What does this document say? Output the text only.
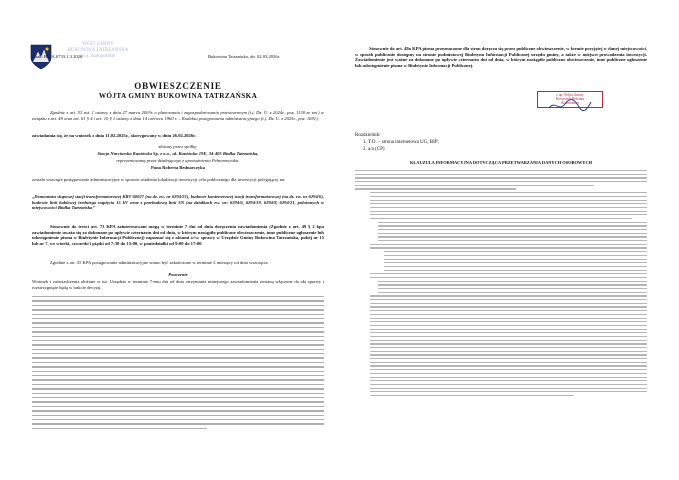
WÓJT GMINY
BUKOWINA TATRZAŃSKA
woj. małopolskie
Znak: BU.A.6733.1.3.2026	Bukowina Tatrzańska, dn. 02.03.2026r.
OBWIESZCZENIE
WÓJTA GMINY BUKOWINA TATRZAŃSKA
Zgodnie z art. 53 ust. 1 ustawy z dnia 27 marca 2003r. o planowaniu i zagospodarowaniu przestrzennym (t.j. Dz. U. z 2024r., poz. 1130 ze zm.) w związku z art. 49 oraz art. 61 § 4 i art. 10 § 1 ustawy z dnia 14 czerwca 1960 r. – Kodeksu postępowania administracyjnego (t.j. Dz. U. z 2025r., poz. 1691),
zawiadamia się, że na wniosek z dnia 11.02.2025r., skorygowany w dniu 26.02.2026r.
złożony przez spółkę:
Stacja Narciarska Kaniówka Sp. z o.o., ul. Kaniówka 19E, 34-405 Białka Tatrzańska,
reprezentowaną przez działającego z upoważnienia Pełnomocnika:
Pana Roberta Bednarczyka
zostało wszczęte postępowanie administracyjne w sprawie ustalenia lokalizacji inwestycji celu publicznego dla inwestycji polegającej na:
„Demontażu słupowej stacji transformatorowej KRT 60027 (na dz. ew. nr 6294/21), budowie kontenerowej stacji transformatorowej (na dz. ew. nr 6294/6), budowie linii kablowej średniego napięcia 15 kV wraz z przebudową linii SN (na działkach ew. nr: 6294/6, 6294/19, 6294/8, 6294/21, położonych w miejscowości Białka Tatrzańska”
Stosownie do treści art. 73 KPA zainteresowani mogą w terminie 7 dni od dnia doręczenia zawiadomienia (Zgodnie z art. 49 § 2 kpa zawiadomienie uważa się za dokonane po upływie czternastu dni od dnia, w którym nastąpiło publiczne obwieszczenie, inne publiczne ogłoszenie lub udostępnienie pisma w Biuletynie Informacji Publicznej) zapoznać się z aktami w/w. sprawy w Urzędzie Gminy Bukowina Tatrzańska, pokój nr 15 lub nr 7, we wtorki, czwartki i piątki od 7:30 do 15:00, w poniedziałki od 9:00 do 17:00.
Zgodnie z art. 35 KPA postępowanie administracyjne winno być zakończone w terminie 2 miesięcy od dnia wszczęcia.
Pouczenie
Wniosek i zaświadczenia złożone w tut. Urzędzie w terminie 7-miu dni od dnia otrzymania niniejszego zawiadomienia zostaną włączone do akt sprawy i rozstrzygnięte będą w trakcie decyzji.
Stosownie do art. 49a KPA pisma przeznaczone dla stron doręcza się przez publiczne obwieszczenie, w formie przyjętej w danej miejscowości, w sposób publicznie dostępny na stronie podmiotowej Biuletynu Informacji Publicznej urzędu gminy, a także w miejscu prowadzenia inwestycji. Zawiadomienie jest ważne za dokonane po upływie czternastu dni od dnia, w którym nastąpiło publiczne obwieszczenie, inne publiczne ogłoszenie lub udostępnienie pisma w Biuletynie Informacji Publicznej.
z up. Wójta Gminy
Kierownik Referatu
Architektury
Rozdzielnik:
1. T.O. – strona internetowa UG, BIP;
2. a/a (CP)
KLAUZULA INFORMACYJNA DOTYCZĄCA PRZETWARZANIA DANYCH OSOBOWYCH
